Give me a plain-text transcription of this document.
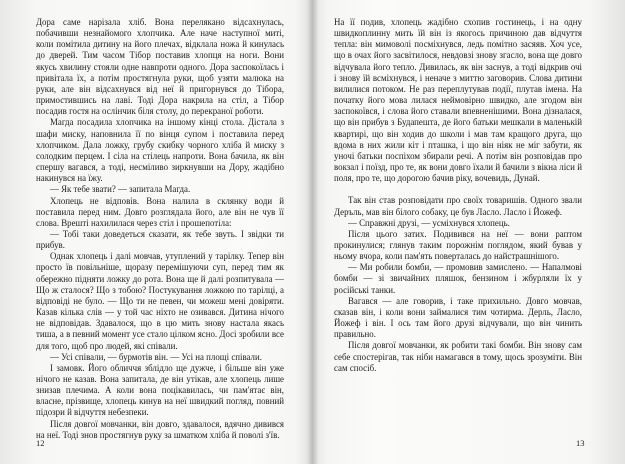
Дора саме нарізала хліб. Вона перелякано відсахнулась, побачивши незнайомого хлопчика. Але наче наступної миті, коли помітила дитину на його плечах, відклала ножа й кинулась до дверей. Тим часом Тібор поставив хлопця на ноги. Вони якусь хвилину стояли одне навпроти одного. Дора заспокоїлась і привітала їх, а потім простягнула руки, щоб узяти малюка на руки, але він відсахнувся від неї й пригорнувся до Тібора, примостившись на лаві. Тоді Дора накрила на стіл, а Тібор посадив гостя на ослінчик біля столу, до перекраної роботи.

Магда посадила хлопчика на іншому кінці стола. Дістала з шафи миску, наповнила її по вінця супом і поставила перед хлопчиком. Дала ложку, грубу скибку чорного хліба й миску з солодким перцем. І сіла на стілець напроти. Вона бачила, як він спершу вагався, а тоді, несміливо зиркнувши на Дору, жадібно накинувся на їжу.

— Як тебе звати? — запитала Магда.

Хлопець не відповів. Вона налила в склянку води й поставила перед ним. Довго розглядала його, але він не чув її слова. Врешті нахилилася через стіл і прошепотіла:

— Тобі таки доведеться сказати, як тебе звуть. І звідки ти прибув.

Однак хлопець і далі мовчав, утуплений у тарілку. Тепер він просто їв повільніше, щоразу перемішуючи суп, перед тим як обережно підняти ложку до рота. Вона ще й далі розпитувала — Що ж сталося? Що з тобою? Постукування ложкою по тарілці, а відповіді не було. — Що ти не певен, чи можеш мені довіряти. Казав кілька слів — у той час ніхто не озивався. Дитина нічого не відповідав. Здавалося, що в цю мить знову настала якась тиша, а в певний момент усе стало цілком ясно. Досі зробили все для того, щоб про людей, які співали.

— Усі співали, — бурмотів він. — Усі на площі співали.

І замовк. Його обличчя зблідло ще дужче, і більше він уже нічого не казав. Вона запитала, де він утікав, але хлопець лише знизав плечима. А коли вона поцікавилась, чи пам'ятає він, власне, прізвище, хлопець кинув на неї швидкий погляд, повний підозри й відчуття небезпеки.

Після довгої мовчанки, він довго, здавалося, вдячно дивився на неї. Тоді знов простягнув руку за шматком хліба й поволі з'їв.

12

На її подив, хлопець жадібно схопив гостинець, і на одну швидкоплинну мить їй він із якогось причиною дав відчуття тепла: він мимоволі посміхнувся, ледь помітно засяяв. Хоч усе, що в очах його засвітилося, невдовзі знову згасло, вона ще довго відчувала його тепло. Дивилась, як він заснув, а тоді відкрив очі і знову їй всміхнувся, і неначе з миттю заговорив. Слова дитини вилилися потоком. Не раз переплутував події, плутав імена. На початку його мова лилася неймовірно швидко, але згодом він заспокоївся, і слова його ставали впевненішими. Вона дізналася, що він прибув з Будапешта, де його батьки мешкали в маленькій квартирі, що він ходив до школи і мав там кращого друга, що вдома в них жили кіт і пташка, і що він ніяк не міг забути, як уночі батьки поспіхом збирали речі. А потім він розповідав про вокзал і поїзд, про те, як вони довго їхали й бачили з вікна ліси й поля, про те, що дорогою бачив ріку, вочевидь, Дунай.

Так він став розповідати про своїх товаришів. Одного звали Деръль, мав він білого собаку, це був Ласло. Ласло і Йожеф.

— Справжні друзі, — усміхнувся хлопець.

Після цього затих. Подивився на неї — вони раптом прокинулися; глянув таким порожнім поглядом, який бував у ньому вчора, коли пам'ять поверталась до найстрашнішого.

— Ми робили бомби, — промовив замислено. — Напалмові бомби — зі звичайних пляшок, бензином і жбурляли їх у російські танки.

Вагався — але говорив, і таке прихильно. Довго мовчав, сказав він, і коли вони займалися тим чотирма. Дерль, Ласло, Йожеф і він. І ось там його друзі відчували, що він чинить правильно.

Після довгої мовчанки, як робити такі бомби. Він знову сам себе спостерігав, так ніби намагався в тому, щось зрозуміти. Він сам спосіб.

13
